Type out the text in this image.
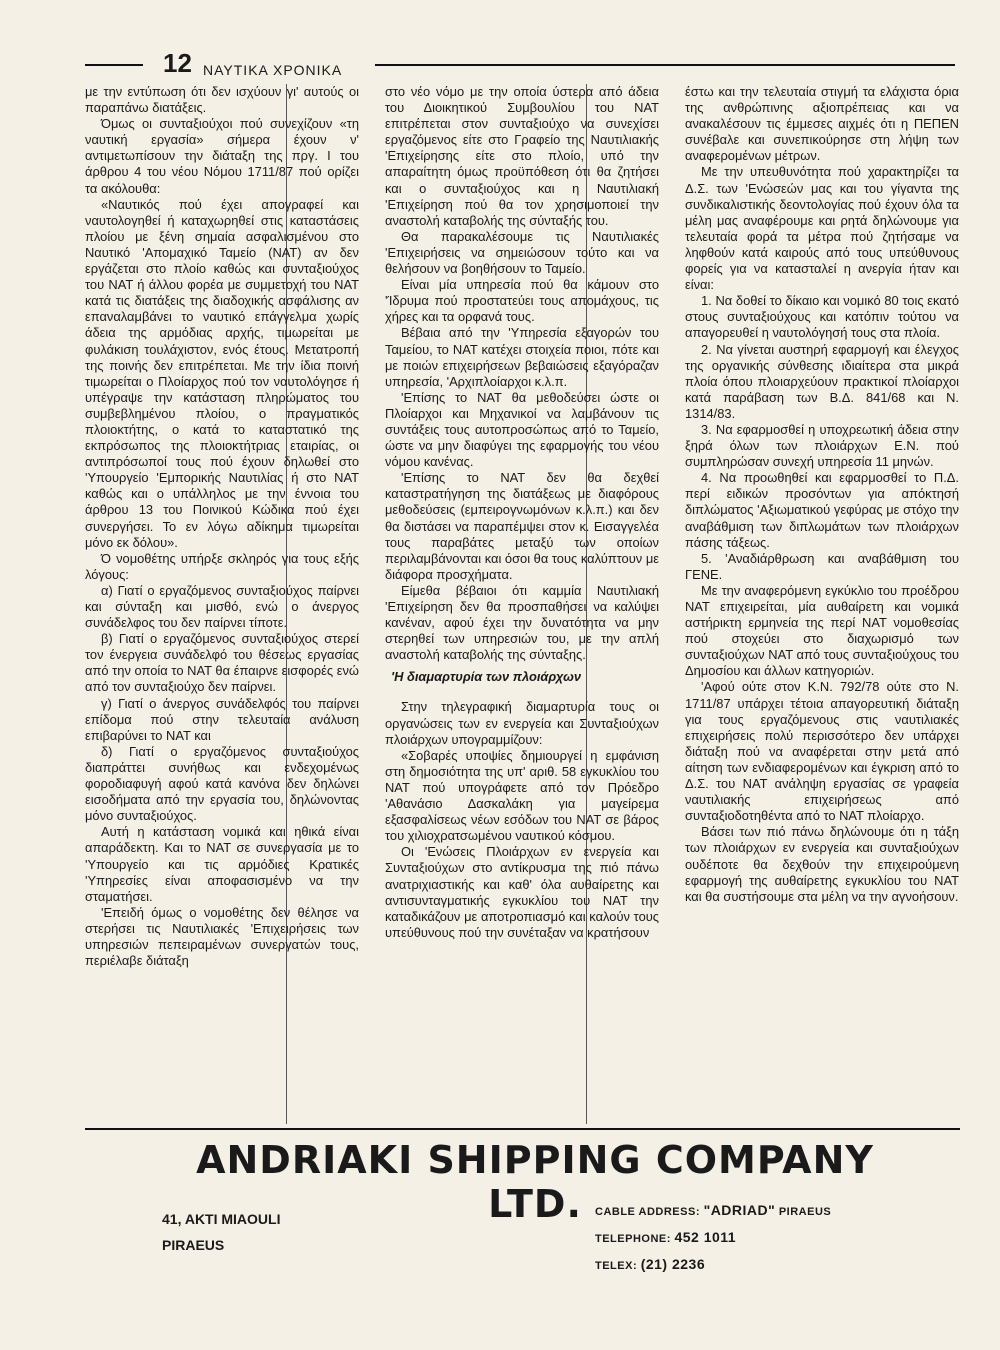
12 ΝΑΥΤΙΚΑ ΧΡΟΝΙΚΑ

με την εντύπωση ότι δεν ισχύουν γι' αυτούς οι παραπάνω διατάξεις.

Όμως οι συνταξιούχοι πού συνεχίζουν «τη ναυτική εργασία» σήμερα έχουν ν' αντιμετωπίσουν την διάταξη της πργ. Ι του άρθρου 4 του νέου Νόμου 1711/87 πού ορίζει τα ακόλουθα:

«Ναυτικός πού έχει απογραφεί και ναυτολογηθεί ή καταχωρηθεί στις καταστάσεις πλοίου με ξένη σημαία ασφαλισμένου στο Ναυτικό 'Απομαχικό Ταμείο (ΝΑΤ) αν δεν εργάζεται στο πλοίο καθώς και συνταξιούχος του ΝΑΤ ή άλλου φορέα με συμμετοχή του ΝΑΤ κατά τις διατάξεις της διαδοχικής ασφάλισης αν επαναλαμβάνει το ναυτικό επάγγελμα χωρίς άδεια της αρμόδιας αρχής, τιμωρείται με φυλάκιση τουλάχιστον, ενός έτους. Μετατροπή της ποινής δεν επιτρέπεται. Με την ίδια ποινή τιμωρείται ο Πλοίαρχος πού τον ναυτολόγησε ή υπέγραψε την κατάσταση πληρώματος του συμβεβλημένου πλοίου, ο πραγματικός πλοιοκτήτης, ο κατά το καταστατικό της εκπρόσωπος της πλοιοκτήτριας εταιρίας, οι αντιπρόσωποί τους πού έχουν δηλωθεί στο 'Υπουργείο 'Εμπορικής Ναυτιλίας ή στο ΝΑΤ καθώς και ο υπάλληλος με την έννοια του άρθρου 13 του Ποινικού Κώδικα πού έχει συνεργήσει. Το εν λόγω αδίκημα τιμωρείται μόνο εκ δόλου».

Ό νομοθέτης υπήρξε σκληρός για τους εξής λόγους:

α) Γιατί ο εργαζόμενος συνταξιούχος παίρνει και σύνταξη και μισθό, ενώ ο άνεργος συνάδελφος του δεν παίρνει τίποτε.

β) Γιατί ο εργαζόμενος συνταξιούχος στερεί τον ένεργεια συνάδελφό του θέσεως εργασίας από την οποία το ΝΑΤ θα έπαιρνε εισφορές ενώ από τον συνταξιούχο δεν παίρνει.

γ) Γιατί ο άνεργος συνάδελφός του παίρνει επίδομα πού στην τελευταία ανάλυση επιβαρύνει το ΝΑΤ και

δ) Γιατί ο εργαζόμενος συνταξιούχος διαπράττει συνήθως και ενδεχομένως φοροδιαφυγή αφού κατά κανόνα δεν δηλώνει εισοδήματα από την εργασία του, δηλώνοντας μόνο συνταξιούχος.

Αυτή η κατάσταση νομικά και ηθικά είναι απαράδεκτη. Και το ΝΑΤ σε συνεργασία με το 'Υπουργείο και τις αρμόδιες Κρατικές 'Υπηρεσίες είναι αποφασισμένο να την σταματήσει.

'Επειδή όμως ο νομοθέτης δεν θέλησε να στερήσει τις Ναυτιλιακές 'Επιχειρήσεις των υπηρεσιών πεπειραμένων συνεργατών τους, περιέλαβε διάταξη

στο νέο νόμο με την οποία ύστερα από άδεια του Διοικητικού Συμβουλίου του ΝΑΤ επιτρέπεται στον συνταξιούχο να συνεχίσει εργαζόμενος είτε στο Γραφείο της Ναυτιλιακής 'Επιχείρησης είτε στο πλοίο, υπό την απαραίτητη όμως προϋπόθεση ότι θα ζητήσει και ο συνταξιούχος και η Ναυτιλιακή 'Επιχείρηση πού θα τον χρησιμοποιεί την αναστολή καταβολής της σύνταξής του.

Θα παρακαλέσουμε τις Ναυτιλιακές 'Επιχειρήσεις να σημειώσουν τούτο και να θελήσουν να βοηθήσουν το Ταμείο.

Είναι μία υπηρεσία πού θα κάμουν στο 'Ίδρυμα πού προστατεύει τους απομάχους, τις χήρες και τα ορφανά τους.

Βέβαια από την 'Υπηρεσία εξαγορών του Ταμείου, το ΝΑΤ κατέχει στοιχεία ποιοι, πότε και με ποιών επιχειρήσεων βεβαιώσεις εξαγόραζαν υπηρεσία, 'Αρχιπλοίαρχοι κ.λ.π.

'Επίσης το ΝΑΤ θα μεθοδεύσει ώστε οι Πλοίαρχοι και Μηχανικοί να λαμβάνουν τις συντάξεις τους αυτοπροσώπως από το Ταμείο, ώστε να μην διαφύγει της εφαρμογής του νέου νόμου κανένας.

'Επίσης το ΝΑΤ δεν θα δεχθεί καταστρατήγηση της διατάξεως με διαφόρους μεθοδεύσεις (εμπειρογνωμόνων κ.λ.π.) και δεν θα διστάσει να παραπέμψει στον κ. Εισαγγελέα τους παραβάτες μεταξύ των οποίων περιλαμβάνονται και όσοι θα τους καλύπτουν με διάφορα προσχήματα.

Είμεθα βέβαιοι ότι καμμία Ναυτιλιακή 'Επιχείρηση δεν θα προσπαθήσει να καλύψει κανέναν, αφού έχει την δυνατότητα να μην στερηθεί των υπηρεσιών του, με την απλή αναστολή καταβολής της σύνταξης.

'Η διαμαρτυρία των πλοιάρχων

Στην τηλεγραφική διαμαρτυρία τους οι οργανώσεις των εν ενεργεία και Συνταξιούχων πλοιάρχων υπογραμμίζουν:

«Σοβαρές υποψίες δημιουργεί η εμφάνιση στη δημοσιότητα της υπ' αριθ. 58 εγκυκλίου του ΝΑΤ πού υπογράφετε από τον Πρόεδρο 'Αθανάσιο Δασκαλάκη για μαγείρεμα εξασφαλίσεως νέων εσόδων του ΝΑΤ σε βάρος του χιλιοχρατσωμένου ναυτικού κόσμου.

Οι 'Ενώσεις Πλοιάρχων εν ενεργεία και Συνταξιούχων στο αντίκρυσμα της πιό πάνω ανατριχιαστικής και καθ' όλα αυθαίρετης και αντισυνταγματικής εγκυκλίου του ΝΑΤ την καταδικάζουν με αποτροπιασμό και καλούν τους υπεύθυνους πού την συνέταξαν να κρατήσουν

έστω και την τελευταία στιγμή τα ελάχιστα όρια της ανθρώπινης αξιοπρέπειας και να ανακαλέσουν τις έμμεσες αιχμές ότι η ΠΕΠΕΝ συνέβαλε και συνεπικούρησε στη λήψη των αναφερομένων μέτρων.

Με την υπευθυνότητα πού χαρακτηρίζει τα Δ.Σ. των 'Ενώσεών μας και του γίγαντα της συνδικαλιστικής δεοντολογίας πού έχουν όλα τα μέλη μας αναφέρουμε και ρητά δηλώνουμε για τελευταία φορά τα μέτρα πού ζητήσαμε να ληφθούν κατά καιρούς από τους υπεύθυνους φορείς για να κατασταλεί η ανεργία ήταν και είναι:

1. Να δοθεί το δίκαιο και νομικό 80 τοις εκατό στους συνταξιούχους και κατόπιν τούτου να απαγορευθεί η ναυτολόγησή τους στα πλοία.

2. Να γίνεται αυστηρή εφαρμογή και έλεγχος της οργανικής σύνθεσης ιδιαίτερα στα μικρά πλοία όπου πλοιαρχεύουν πρακτικοί πλοίαρχοι κατά παράβαση των Β.Δ. 841/68 και Ν. 1314/83.

3. Να εφαρμοσθεί η υποχρεωτική άδεια στην ξηρά όλων των πλοιάρχων Ε.Ν. πού συμπληρώσαν συνεχή υπηρεσία 11 μηνών.

4. Να προωθηθεί και εφαρμοσθεί το Π.Δ. περί ειδικών προσόντων για απόκτησή διπλώματος 'Αξιωματικού γεφύρας με στόχο την αναβάθμιση των διπλωμάτων των πλοιάρχων πάσης τάξεως.

5. 'Αναδιάρθρωση και αναβάθμιση του ΓΕΝΕ.

Με την αναφερόμενη εγκύκλιο του προέδρου ΝΑΤ επιχειρείται, μία αυθαίρετη και νομικά αστήρικτη ερμηνεία της περί ΝΑΤ νομοθεσίας πού στοχεύει στο διαχωρισμό των συνταξιούχων ΝΑΤ από τους συνταξιούχους του Δημοσίου και άλλων κατηγοριών.

'Αφού ούτε στον Κ.Ν. 792/78 ούτε στο Ν. 1711/87 υπάρχει τέτοια απαγορευτική διάταξη για τους εργαζόμενους στις ναυτιλιακές επιχειρήσεις πολύ περισσότερο δεν υπάρχει διάταξη πού να αναφέρεται στην μετά από αίτηση των ενδιαφερομένων και έγκριση από το Δ.Σ. του ΝΑΤ ανάληψη εργασίας σε γραφεία ναυτιλιακής επιχειρήσεως από συνταξιοδοτηθέντα από το ΝΑΤ πλοίαρχο.

Βάσει των πιό πάνω δηλώνουμε ότι η τάξη των πλοιάρχων εν ενεργεία και συνταξιούχων ουδέποτε θα δεχθούν την επιχειρούμενη εφαρμογή της αυθαίρετης εγκυκλίου του ΝΑΤ και θα συστήσουμε στα μέλη να την αγνοήσουν.

ANDRIAKI SHIPPING COMPANY LTD.
41, AKTI MIAOULI
PIRAEUS
CABLE ADDRESS: "ADRIAD" PIRAEUS
TELEPHONE: 452 1011
TELEX: (21) 2236
